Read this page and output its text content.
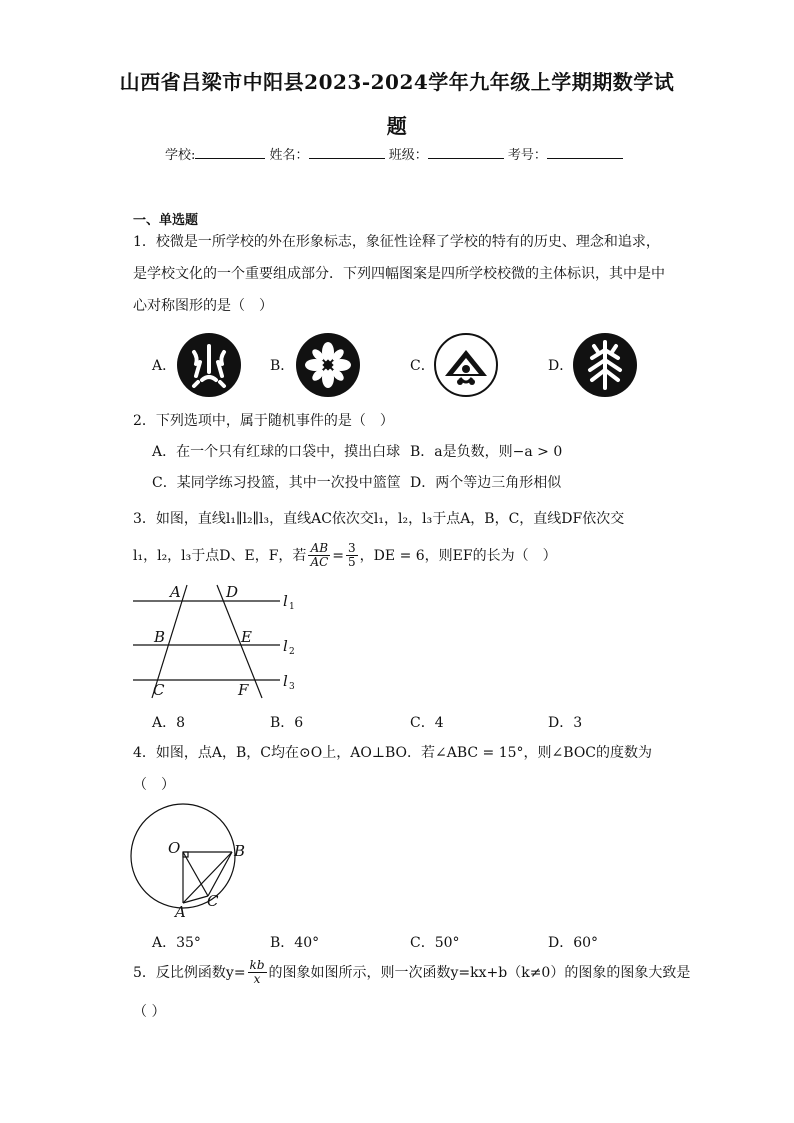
山西省吕梁市中阳县2023-2024学年九年级上学期期数学试
题
学校:	姓名：	班级：	考号：
一、单选题
1．校微是一所学校的外在形象标志，象征性诠释了学校的特有的历史、理念和追求，
是学校文化的一个重要组成部分．下列四幅图案是四所学校校微的主体标识，其中是中
心对称图形的是（　）
A．	B．	C．	D．
2．下列选项中，属于随机事件的是（　）
A．在一个只有红球的口袋中，摸出白球 B．a是负数，则−a > 0
C．某同学练习投篮，其中一次投中篮筐 D．两个等边三角形相似
3．如图，直线l₁∥l₂∥l₃，直线AC依次交l₁，l₂，l₃于点A，B，C，直线DF依次交
l₁，l₂，l₃于点D、E，F，若 $\frac{AB}{AC} = \frac{3}{5}$ ，DE = 6，则EF的长为（　）
A	D
B	E
C	F
l
l
l
1
2
3
A．8	B．6	C．4	D．3
4．如图，点A，B，C均在⊙O上，AO⊥BO．若∠ABC = 15°，则∠BOC的度数为
（　）
O	B
A
C
A．35°	B．40°	C．50°	D．60°
5．反比例函数$y= \frac{kb}{x}$ 的图象如图所示，则一次函数y=kx+b（k≠0）的图象的图象大致是
（ ）
